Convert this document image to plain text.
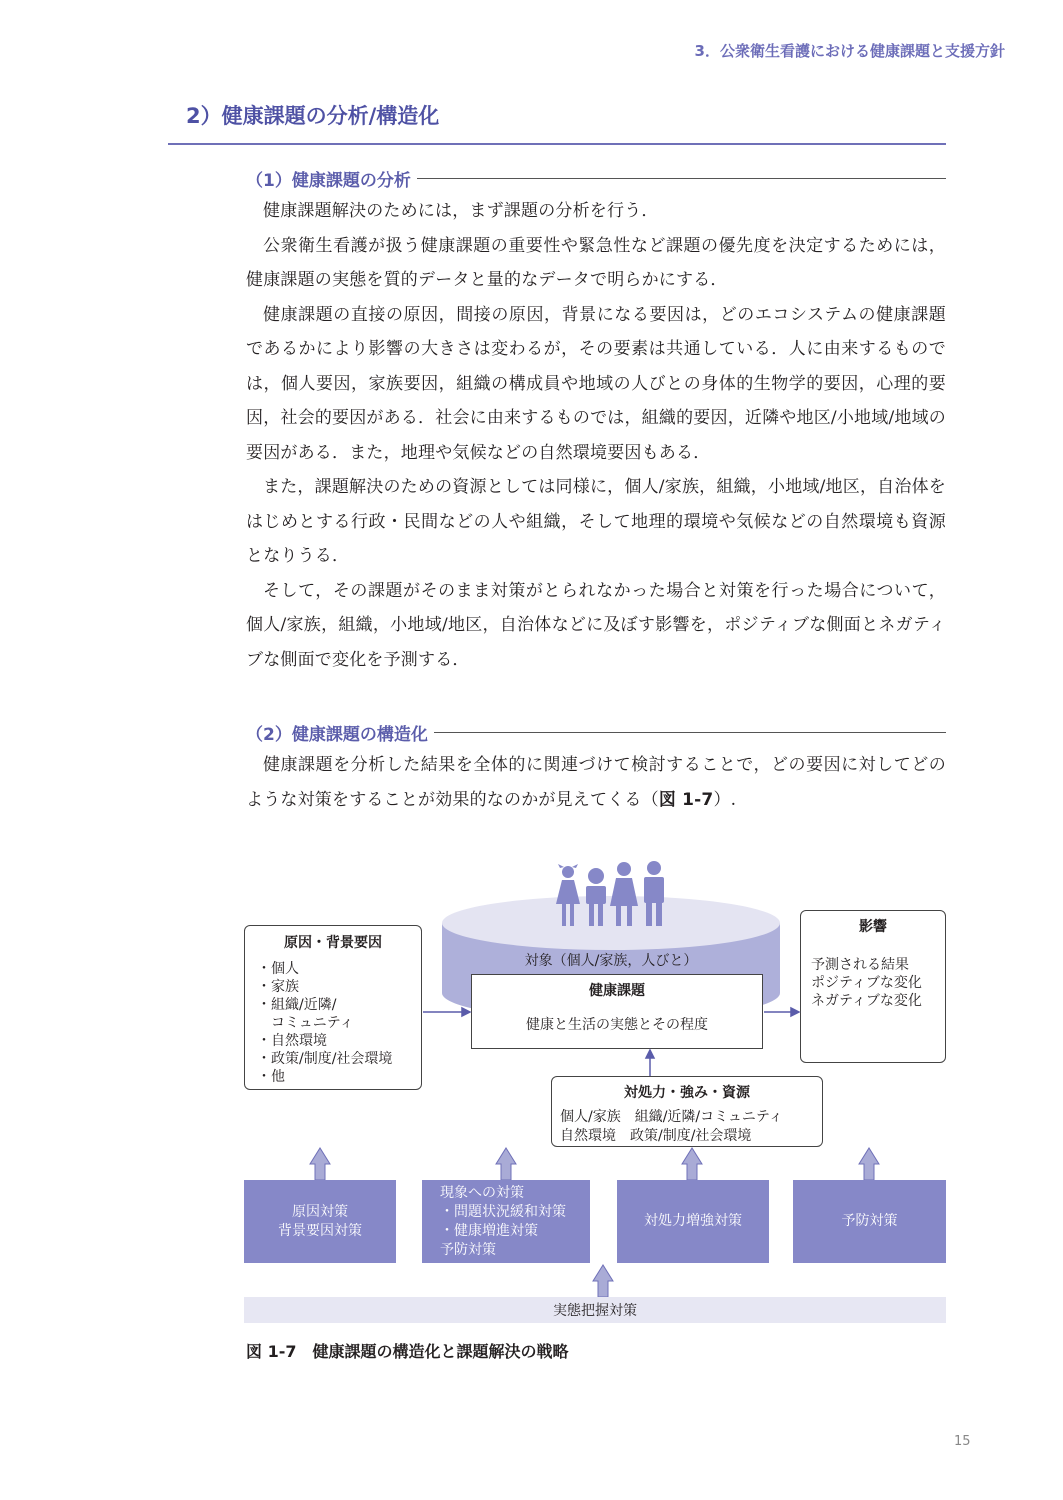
3．公衆衛生看護における健康課題と支援方針
2）健康課題の分析/構造化
（1）健康課題の分析

健康課題解決のためには，まず課題の分析を行う．

公衆衛生看護が扱う健康課題の重要性や緊急性など課題の優先度を決定するためには，健康課題の実態を質的データと量的なデータで明らかにする．

健康課題の直接の原因，間接の原因，背景になる要因は，どのエコシステムの健康課題であるかにより影響の大きさは変わるが，その要素は共通している．人に由来するものでは，個人要因，家族要因，組織の構成員や地域の人びとの身体的生物学的要因，心理的要因，社会的要因がある．社会に由来するものでは，組織的要因，近隣や地区/小地域/地域の要因がある．また，地理や気候などの自然環境要因もある．

また，課題解決のための資源としては同様に，個人/家族，組織，小地域/地区，自治体をはじめとする行政・民間などの人や組織，そして地理的環境や気候などの自然環境も資源となりうる．

そして，その課題がそのまま対策がとられなかった場合と対策を行った場合について，個人/家族，組織，小地域/地区，自治体などに及ぼす影響を，ポジティブな側面とネガティブな側面で変化を予測する．

（2）健康課題の構造化

健康課題を分析した結果を全体的に関連づけて検討することで，どの要因に対してどのような対策をすることが効果的なのかが見えてくる（図 1-7）.

対象（個人/家族，人びと）
原因・背景要因
・個人
・家族
・組織/近隣/
　コミュニティ
・自然環境
・政策/制度/社会環境
・他
健康課題
健康と生活の実態とその程度
影響
予測される結果
ポジティブな変化
ネガティブな変化
対処力・強み・資源
個人/家族　組織/近隣/コミュニティ
自然環境　政策/制度/社会環境
原因対策
背景要因対策
現象への対策
・問題状況緩和対策
・健康増進対策
予防対策
対処力増強対策	予防対策
実態把握対策
図 1-7　健康課題の構造化と課題解決の戦略
15
